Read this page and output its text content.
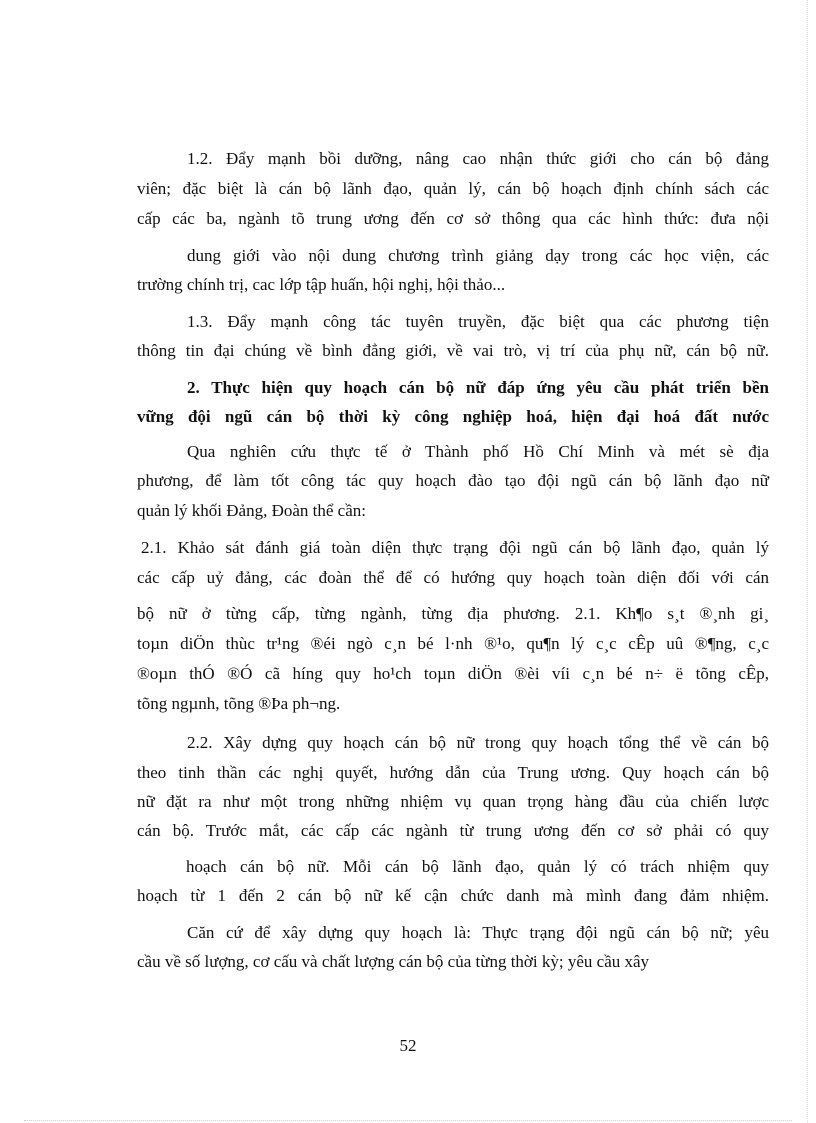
1.2. Đẩy mạnh bồi dưỡng, nâng cao nhận thức giới cho cán bộ đảng
viên; đặc biệt là cán bộ lãnh đạo, quản lý, cán bộ hoạch định chính sách các
cấp các ba, ngành tõ trung ương đến cơ sở thông qua các hình thức: đưa nội
dung giới vào nội dung chương trình giảng dạy trong các học viện, các
trường chính trị, cac lớp tập huấn, hội nghị, hội thảo...
1.3. Đẩy mạnh công tác tuyên truyền, đặc biệt qua các phương tiện
thông tin đại chúng về bình đẳng giới, về vai trò, vị trí của phụ nữ, cán bộ nữ.
2. Thực hiện quy hoạch cán bộ nữ đáp ứng yêu cầu phát triển bền
vững đội ngũ cán bộ thời kỳ công nghiệp hoá, hiện đại hoá đất nước
Qua nghiên cứu thực tế ở Thành phố Hồ Chí Minh và mét sè địa
phương, để làm tốt công tác quy hoạch đào tạo đội ngũ cán bộ lãnh đạo nữ
quản lý khối Đảng, Đoàn thể cần:
2.1. Khảo sát đánh giá toàn diện thực trạng đội ngũ cán bộ lãnh đạo, quản lý
các cấp uỷ đảng, các đoàn thể để có hướng quy hoạch toàn diện đối với cán
bộ nữ ở từng cấp, từng ngành, từng địa phương. 2.1. Kh¶o s¸t ®¸nh gi¸
toµn diÖn thùc tr¹ng ®éi ngò c¸n bé l·nh ®¹o, qu¶n lý c¸c cÊp uû ®¶ng, c¸c
®oµn thÓ ®Ó cã híng quy ho¹ch toµn diÖn ®èi víi c¸n bé n÷ ë tõng cÊp,
tõng ngµnh, tõng ®Þa ph¬ng.
2.2. Xây dựng quy hoạch cán bộ nữ trong quy hoạch tổng thể về cán bộ
theo tinh thần các nghị quyết, hướng dẫn của Trung ương. Quy hoạch cán bộ
nữ đặt ra như một trong những nhiệm vụ quan trọng hàng đầu của chiến lược
cán bộ. Trước mắt, các cấp các ngành từ trung ương đến cơ sở phải có quy
hoạch cán bộ nữ. Mỗi cán bộ lãnh đạo, quản lý có trách nhiệm quy
hoạch từ 1 đến 2 cán bộ nữ kế cận chức danh mà mình đang đảm nhiệm.
Căn cứ để xây dựng quy hoạch là: Thực trạng đội ngũ cán bộ nữ; yêu
cầu về số lượng, cơ cấu và chất lượng cán bộ của từng thời kỳ; yêu cầu xây
52
